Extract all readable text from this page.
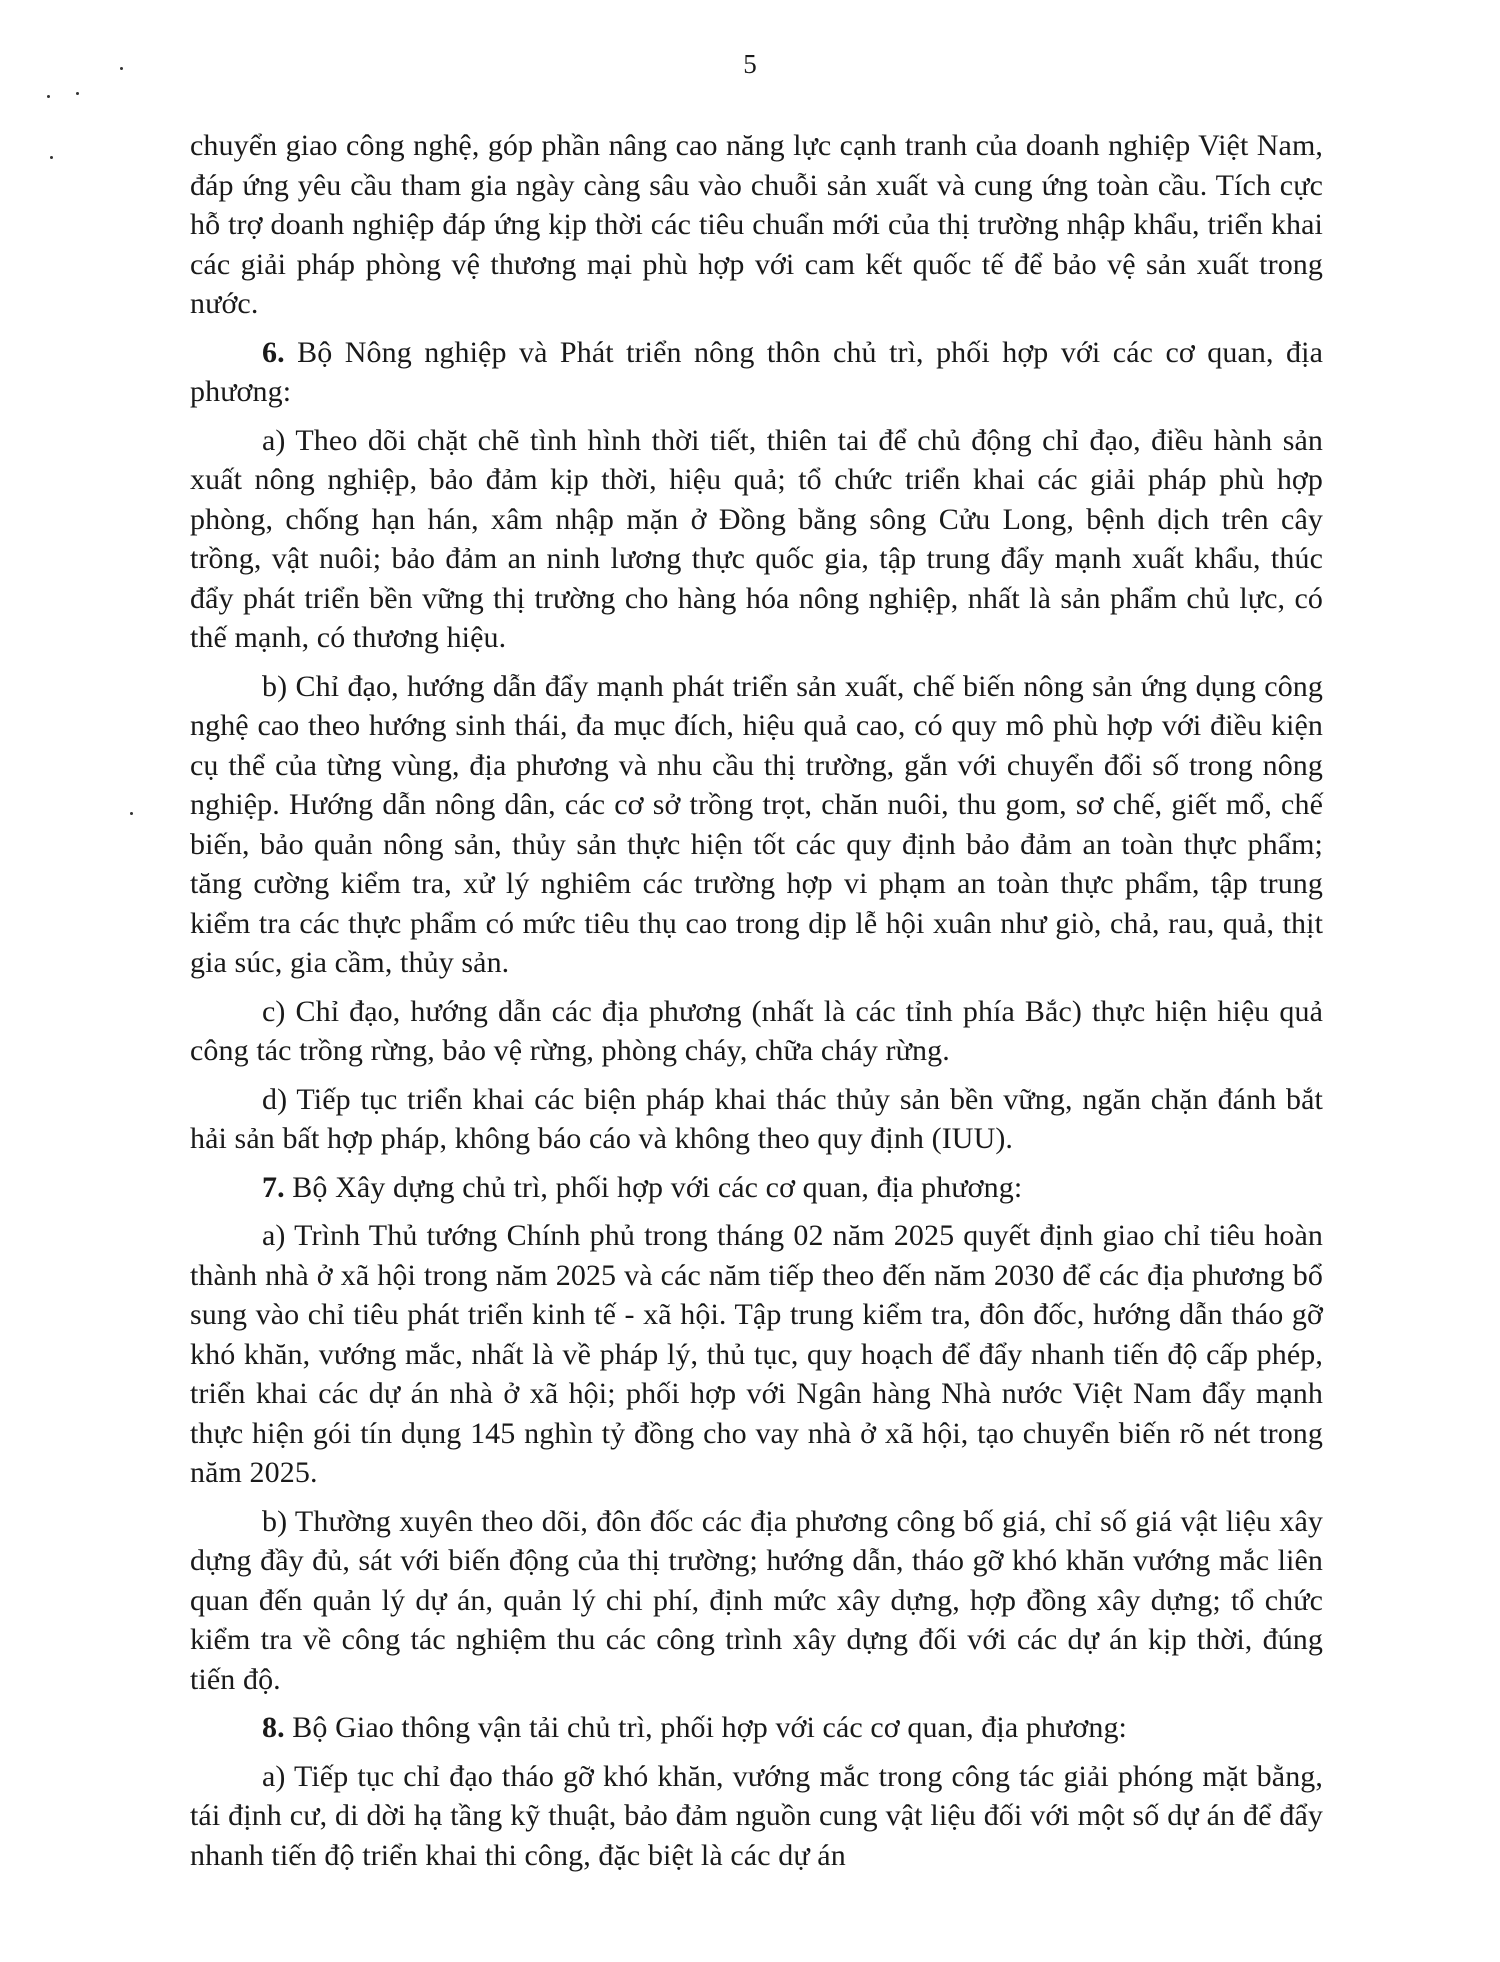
5

chuyển giao công nghệ, góp phần nâng cao năng lực cạnh tranh của doanh nghiệp Việt Nam, đáp ứng yêu cầu tham gia ngày càng sâu vào chuỗi sản xuất và cung ứng toàn cầu. Tích cực hỗ trợ doanh nghiệp đáp ứng kịp thời các tiêu chuẩn mới của thị trường nhập khẩu, triển khai các giải pháp phòng vệ thương mại phù hợp với cam kết quốc tế để bảo vệ sản xuất trong nước.

6. Bộ Nông nghiệp và Phát triển nông thôn chủ trì, phối hợp với các cơ quan, địa phương:

a) Theo dõi chặt chẽ tình hình thời tiết, thiên tai để chủ động chỉ đạo, điều hành sản xuất nông nghiệp, bảo đảm kịp thời, hiệu quả; tổ chức triển khai các giải pháp phù hợp phòng, chống hạn hán, xâm nhập mặn ở Đồng bằng sông Cửu Long, bệnh dịch trên cây trồng, vật nuôi; bảo đảm an ninh lương thực quốc gia, tập trung đẩy mạnh xuất khẩu, thúc đẩy phát triển bền vững thị trường cho hàng hóa nông nghiệp, nhất là sản phẩm chủ lực, có thế mạnh, có thương hiệu.

b) Chỉ đạo, hướng dẫn đẩy mạnh phát triển sản xuất, chế biến nông sản ứng dụng công nghệ cao theo hướng sinh thái, đa mục đích, hiệu quả cao, có quy mô phù hợp với điều kiện cụ thể của từng vùng, địa phương và nhu cầu thị trường, gắn với chuyển đổi số trong nông nghiệp. Hướng dẫn nông dân, các cơ sở trồng trọt, chăn nuôi, thu gom, sơ chế, giết mổ, chế biến, bảo quản nông sản, thủy sản thực hiện tốt các quy định bảo đảm an toàn thực phẩm; tăng cường kiểm tra, xử lý nghiêm các trường hợp vi phạm an toàn thực phẩm, tập trung kiểm tra các thực phẩm có mức tiêu thụ cao trong dịp lễ hội xuân như giò, chả, rau, quả, thịt gia súc, gia cầm, thủy sản.

c) Chỉ đạo, hướng dẫn các địa phương (nhất là các tỉnh phía Bắc) thực hiện hiệu quả công tác trồng rừng, bảo vệ rừng, phòng cháy, chữa cháy rừng.

d) Tiếp tục triển khai các biện pháp khai thác thủy sản bền vững, ngăn chặn đánh bắt hải sản bất hợp pháp, không báo cáo và không theo quy định (IUU).

7. Bộ Xây dựng chủ trì, phối hợp với các cơ quan, địa phương:

a) Trình Thủ tướng Chính phủ trong tháng 02 năm 2025 quyết định giao chỉ tiêu hoàn thành nhà ở xã hội trong năm 2025 và các năm tiếp theo đến năm 2030 để các địa phương bổ sung vào chỉ tiêu phát triển kinh tế - xã hội. Tập trung kiểm tra, đôn đốc, hướng dẫn tháo gỡ khó khăn, vướng mắc, nhất là về pháp lý, thủ tục, quy hoạch để đẩy nhanh tiến độ cấp phép, triển khai các dự án nhà ở xã hội; phối hợp với Ngân hàng Nhà nước Việt Nam đẩy mạnh thực hiện gói tín dụng 145 nghìn tỷ đồng cho vay nhà ở xã hội, tạo chuyển biến rõ nét trong năm 2025.

b) Thường xuyên theo dõi, đôn đốc các địa phương công bố giá, chỉ số giá vật liệu xây dựng đầy đủ, sát với biến động của thị trường; hướng dẫn, tháo gỡ khó khăn vướng mắc liên quan đến quản lý dự án, quản lý chi phí, định mức xây dựng, hợp đồng xây dựng; tổ chức kiểm tra về công tác nghiệm thu các công trình xây dựng đối với các dự án kịp thời, đúng tiến độ.

8. Bộ Giao thông vận tải chủ trì, phối hợp với các cơ quan, địa phương:

a) Tiếp tục chỉ đạo tháo gỡ khó khăn, vướng mắc trong công tác giải phóng mặt bằng, tái định cư, di dời hạ tầng kỹ thuật, bảo đảm nguồn cung vật liệu đối với một số dự án để đẩy nhanh tiến độ triển khai thi công, đặc biệt là các dự án
